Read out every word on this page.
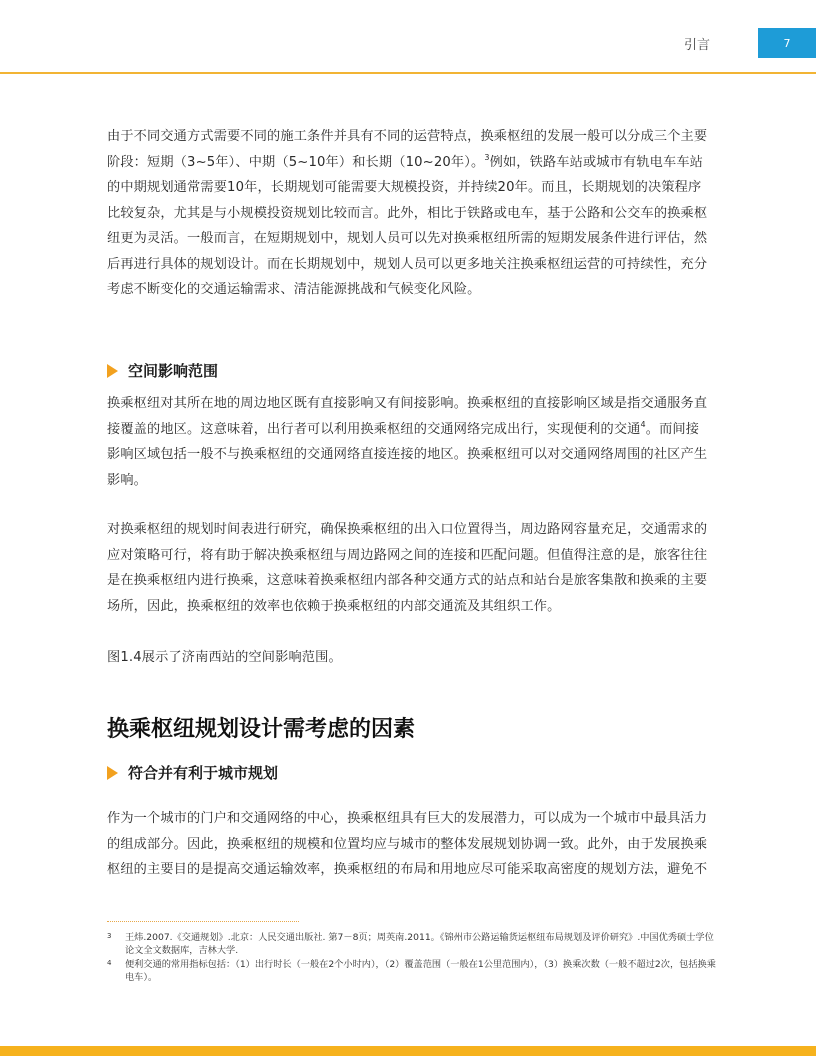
引言	7

由于不同交通方式需要不同的施工条件并具有不同的运营特点，换乘枢纽的发展一般可以分成三个主要阶段：短期（3~5年）、中期（5~10年）和长期（10~20年）。$^3$例如，铁路车站或城市有轨电车车站的中期规划通常需要10年，长期规划可能需要大规模投资，并持续20年。而且，长期规划的决策程序比较复杂，尤其是与小规模投资规划比较而言。此外，相比于铁路或电车，基于公路和公交车的换乘枢纽更为灵活。一般而言，在短期规划中，规划人员可以先对换乘枢纽所需的短期发展条件进行评估，然后再进行具体的规划设计。而在长期规划中，规划人员可以更多地关注换乘枢纽运营的可持续性，充分考虑不断变化的交通运输需求、清洁能源挑战和气候变化风险。

空间影响范围

换乘枢纽对其所在地的周边地区既有直接影响又有间接影响。换乘枢纽的直接影响区域是指交通服务直接覆盖的地区。这意味着，出行者可以利用换乘枢纽的交通网络完成出行，实现便利的交通$^4$。而间接影响区域包括一般不与换乘枢纽的交通网络直接连接的地区。换乘枢纽可以对交通网络周围的社区产生影响。

对换乘枢纽的规划时间表进行研究，确保换乘枢纽的出入口位置得当，周边路网容量充足，交通需求的应对策略可行，将有助于解决换乘枢纽与周边路网之间的连接和匹配问题。但值得注意的是，旅客往往是在换乘枢纽内进行换乘，这意味着换乘枢纽内部各种交通方式的站点和站台是旅客集散和换乘的主要场所，因此，换乘枢纽的效率也依赖于换乘枢纽的内部交通流及其组织工作。

图1.4展示了济南西站的空间影响范围。

换乘枢纽规划设计需考虑的因素
符合并有利于城市规划

作为一个城市的门户和交通网络的中心，换乘枢纽具有巨大的发展潜力，可以成为一个城市中最具活力的组成部分。因此，换乘枢纽的规模和位置均应与城市的整体发展规划协调一致。此外，由于发展换乘枢纽的主要目的是提高交通运输效率，换乘枢纽的布局和用地应尽可能采取高密度的规划方法，避免不

3	王炜.2007.《交通规划》.北京：人民交通出版社. 第7－8页；周英南.2011。《锦州市公路运输货运枢纽布局规划及评价研究》.中国优秀硕士学位论文全文数据库，吉林大学.
4	便利交通的常用指标包括：（1）出行时长（一般在2个小时内），（2）覆盖范围（一般在1公里范围内），（3）换乘次数（一般不超过2次，包括换乘电车）。
